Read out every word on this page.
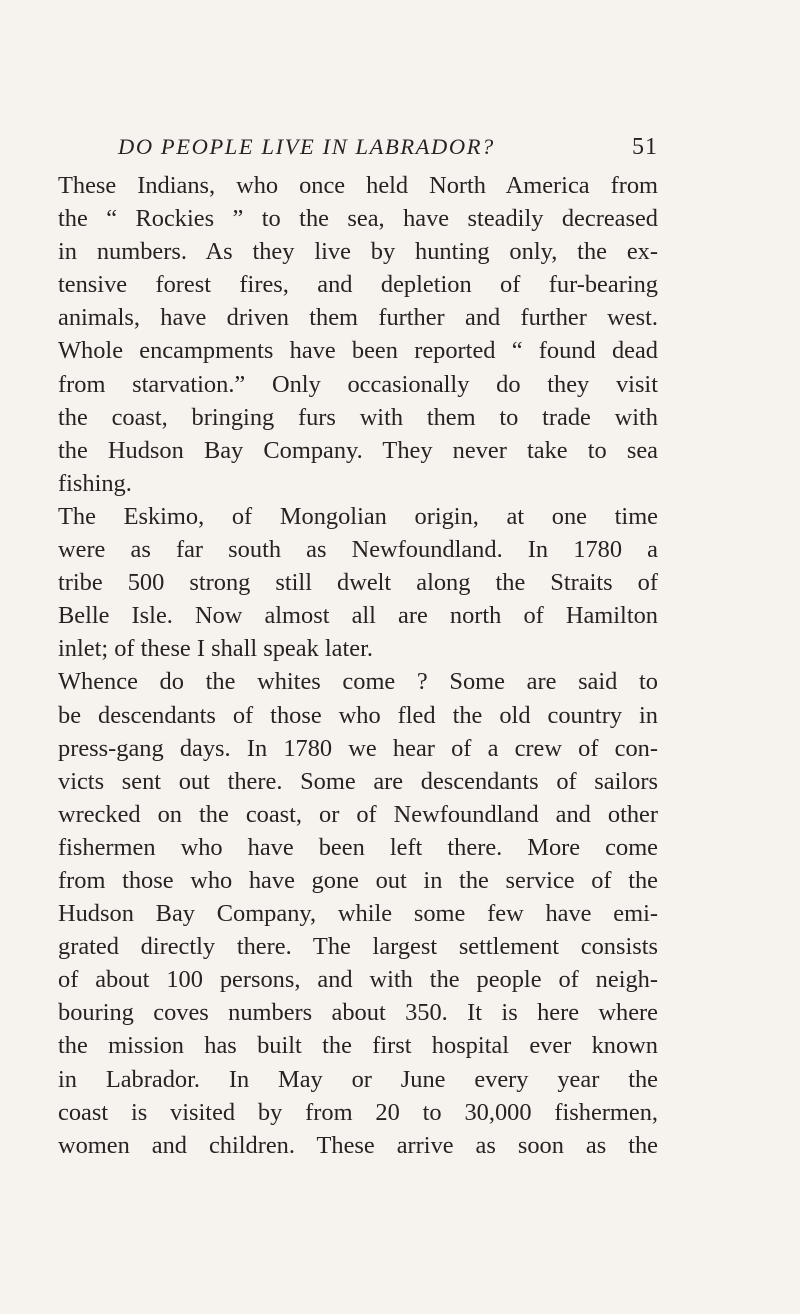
DO PEOPLE LIVE IN LABRADOR?	51
These Indians, who once held North America from
the “ Rockies ” to the sea, have steadily decreased
in numbers. As they live by hunting only, the ex-
tensive forest fires, and depletion of fur-bearing
animals, have driven them further and further west.
Whole encampments have been reported “ found dead
from starvation.” Only occasionally do they visit
the coast, bringing furs with them to trade with
the Hudson Bay Company. They never take to sea
fishing.
The Eskimo, of Mongolian origin, at one time
were as far south as Newfoundland. In 1780 a
tribe 500 strong still dwelt along the Straits of
Belle Isle. Now almost all are north of Hamilton
inlet; of these I shall speak later.
Whence do the whites come ? Some are said to
be descendants of those who fled the old country in
press-gang days. In 1780 we hear of a crew of con-
victs sent out there. Some are descendants of sailors
wrecked on the coast, or of Newfoundland and other
fishermen who have been left there. More come
from those who have gone out in the service of the
Hudson Bay Company, while some few have emi-
grated directly there. The largest settlement consists
of about 100 persons, and with the people of neigh-
bouring coves numbers about 350. It is here where
the mission has built the first hospital ever known
in Labrador. In May or June every year the
coast is visited by from 20 to 30,000 fishermen,
women and children. These arrive as soon as the
